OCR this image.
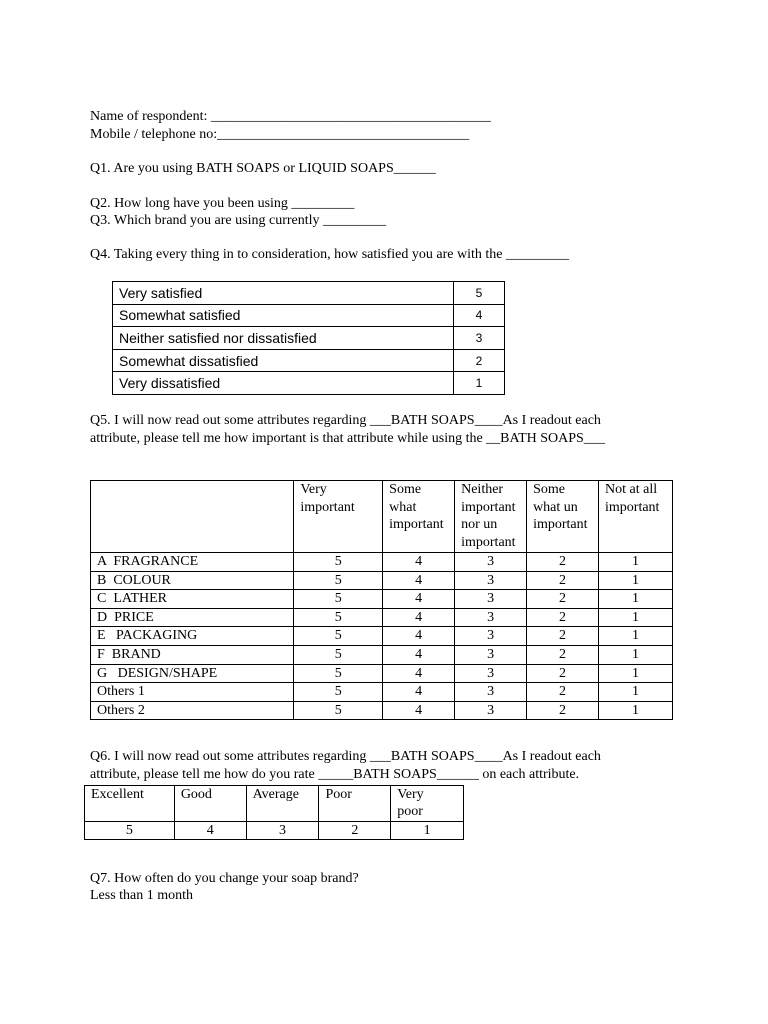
Name of respondent: ________________________________________
Mobile / telephone no:____________________________________
Q1. Are you using BATH SOAPS or LIQUID SOAPS______
Q2. How long have you been using _________
Q3. Which brand you are using currently _________
Q4. Taking every thing in to consideration, how satisfied you are with the _________
Very satisfied	5
Somewhat satisfied	4
Neither satisfied nor dissatisfied	3
Somewhat dissatisfied	2
Very dissatisfied	1
Q5. I will now read out some attributes regarding ___BATH SOAPS____As I readout each
attribute, please tell me how important is that attribute while using the __BATH SOAPS___
	Very
important	Some
what
important	Neither
important
nor un
important	Some
what un
important	Not at all
important
A  FRAGRANCE	5	4	3	2	1
B  COLOUR	5	4	3	2	1
C  LATHER	5	4	3	2	1
D  PRICE	5	4	3	2	1
E   PACKAGING	5	4	3	2	1
F  BRAND	5	4	3	2	1
G   DESIGN/SHAPE	5	4	3	2	1
Others 1	5	4	3	2	1
Others 2	5	4	3	2	1
Q6. I will now read out some attributes regarding ___BATH SOAPS____As I readout each
attribute, please tell me how do you rate _____BATH SOAPS______ on each attribute.
Excellent	Good	Average	Poor	Very
poor
5	4	3	2	1
Q7. How often do you change your soap brand?
Less than 1 month
